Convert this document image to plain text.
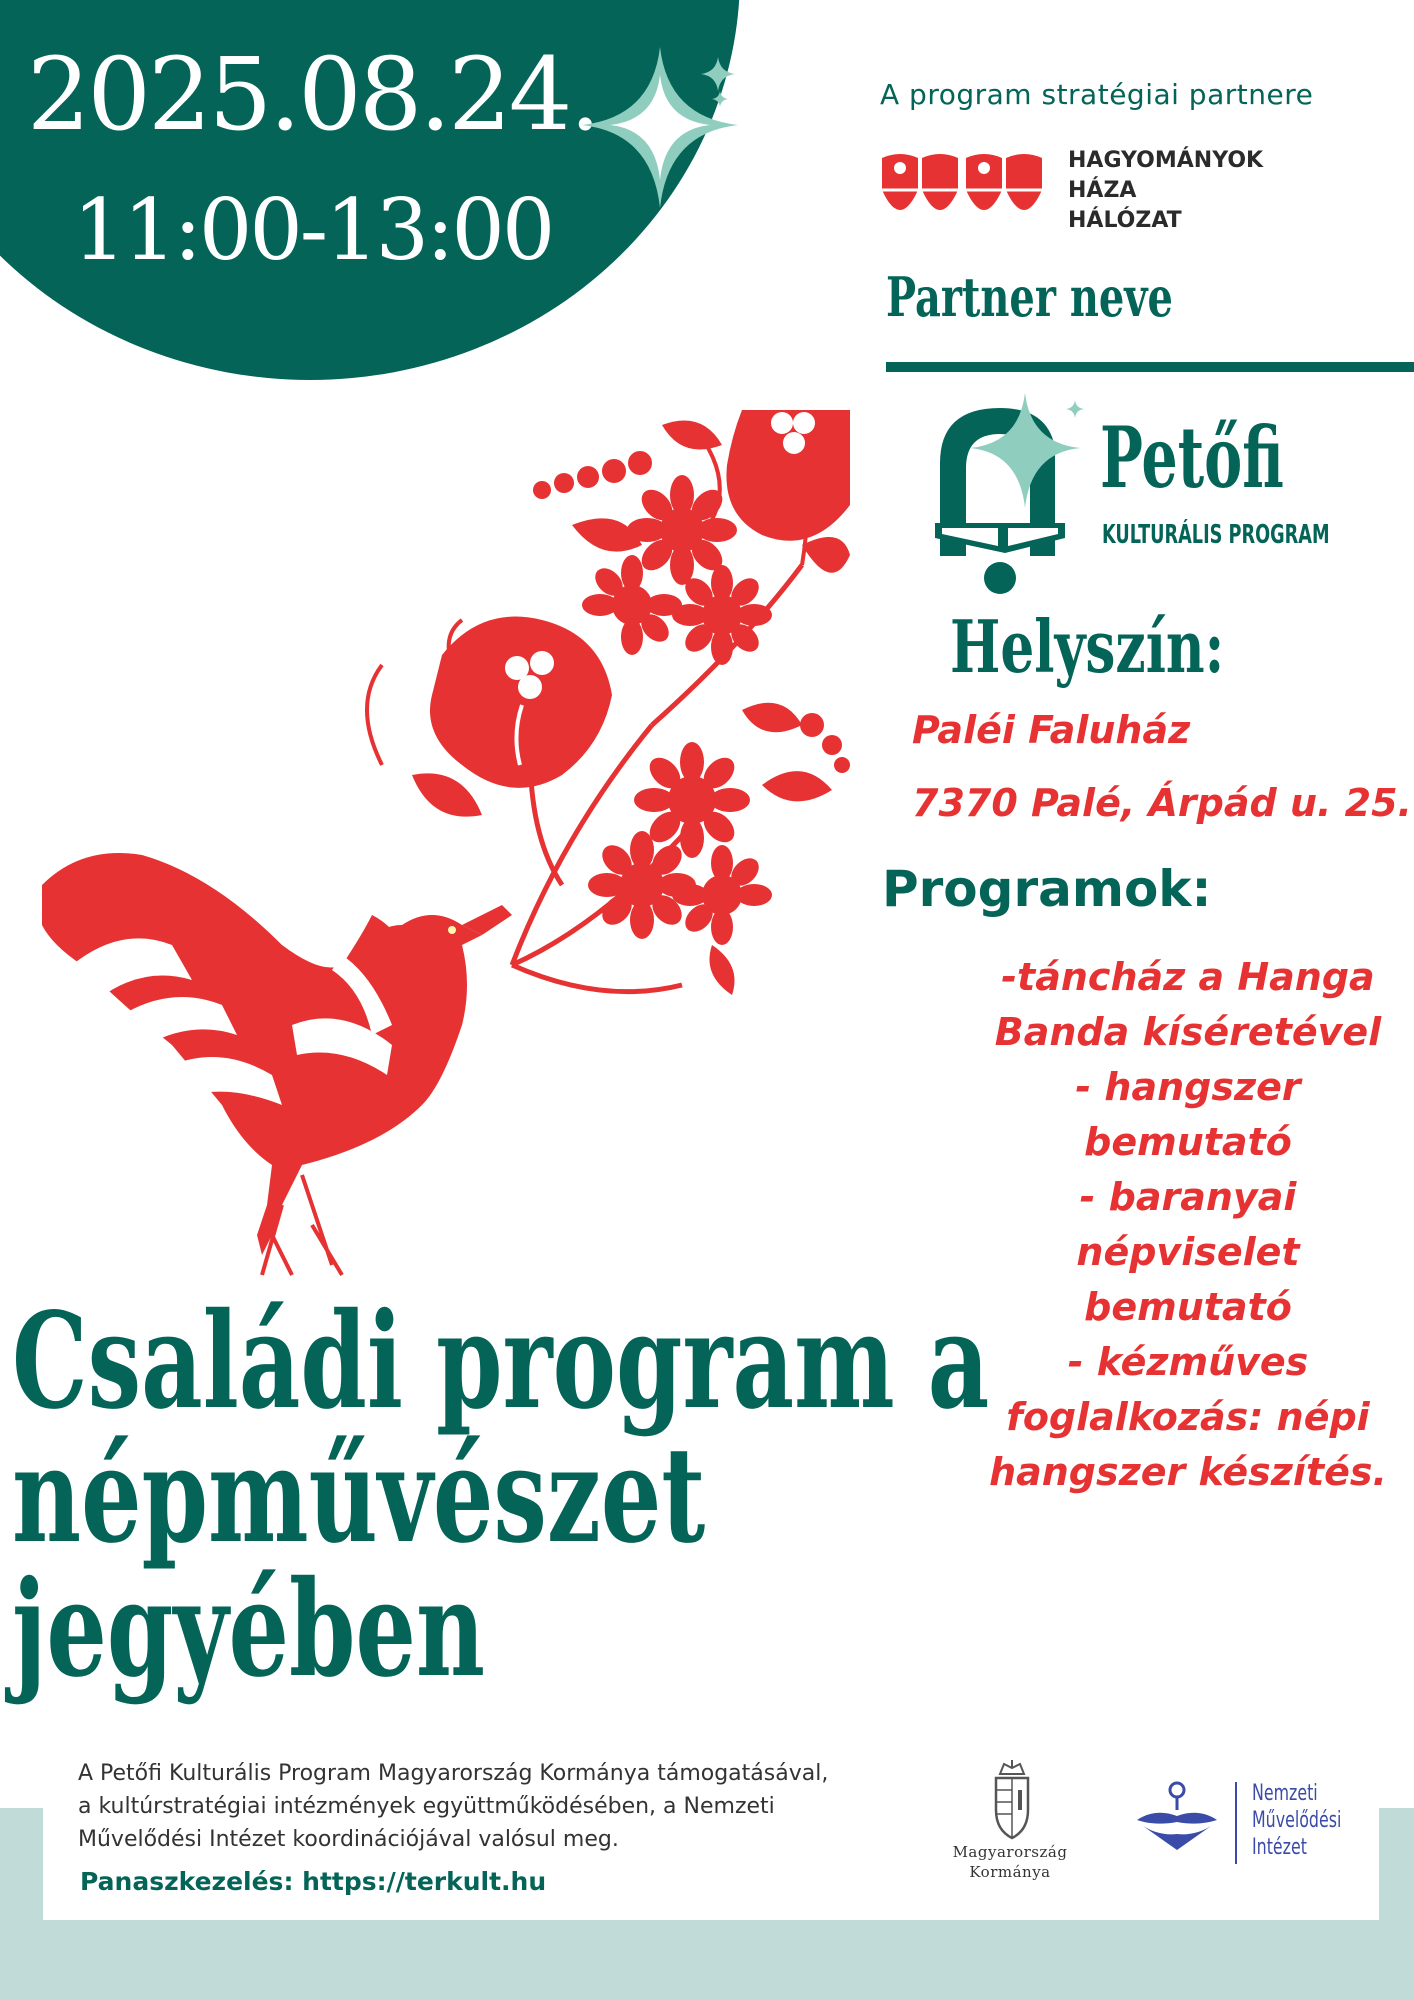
2025.08.24.
11:00-13:00
A program stratégiai partnere
HAGYOMÁNYOK
HÁZA
HÁLÓZAT
Partner neve
Petőfi
KULTURÁLIS PROGRAM
Helyszín:
Paléi Faluház
7370 Palé, Árpád u. 25.
Programok:
-táncház a Hanga
Banda kíséretével
- hangszer
bemutató
- baranyai
népviselet
bemutató
- kézműves
foglalkozás: népi
hangszer készítés.
Családi program a
népművészet
jegyében
A Petőfi Kulturális Program Magyarország Kormánya támogatásával,
a kultúrstratégiai intézmények együttműködésében, a Nemzeti
Művelődési Intézet koordinációjával valósul meg.
Panaszkezelés: https://terkult.hu
Magyarország
Kormánya
Nemzeti
Művelődési
Intézet
